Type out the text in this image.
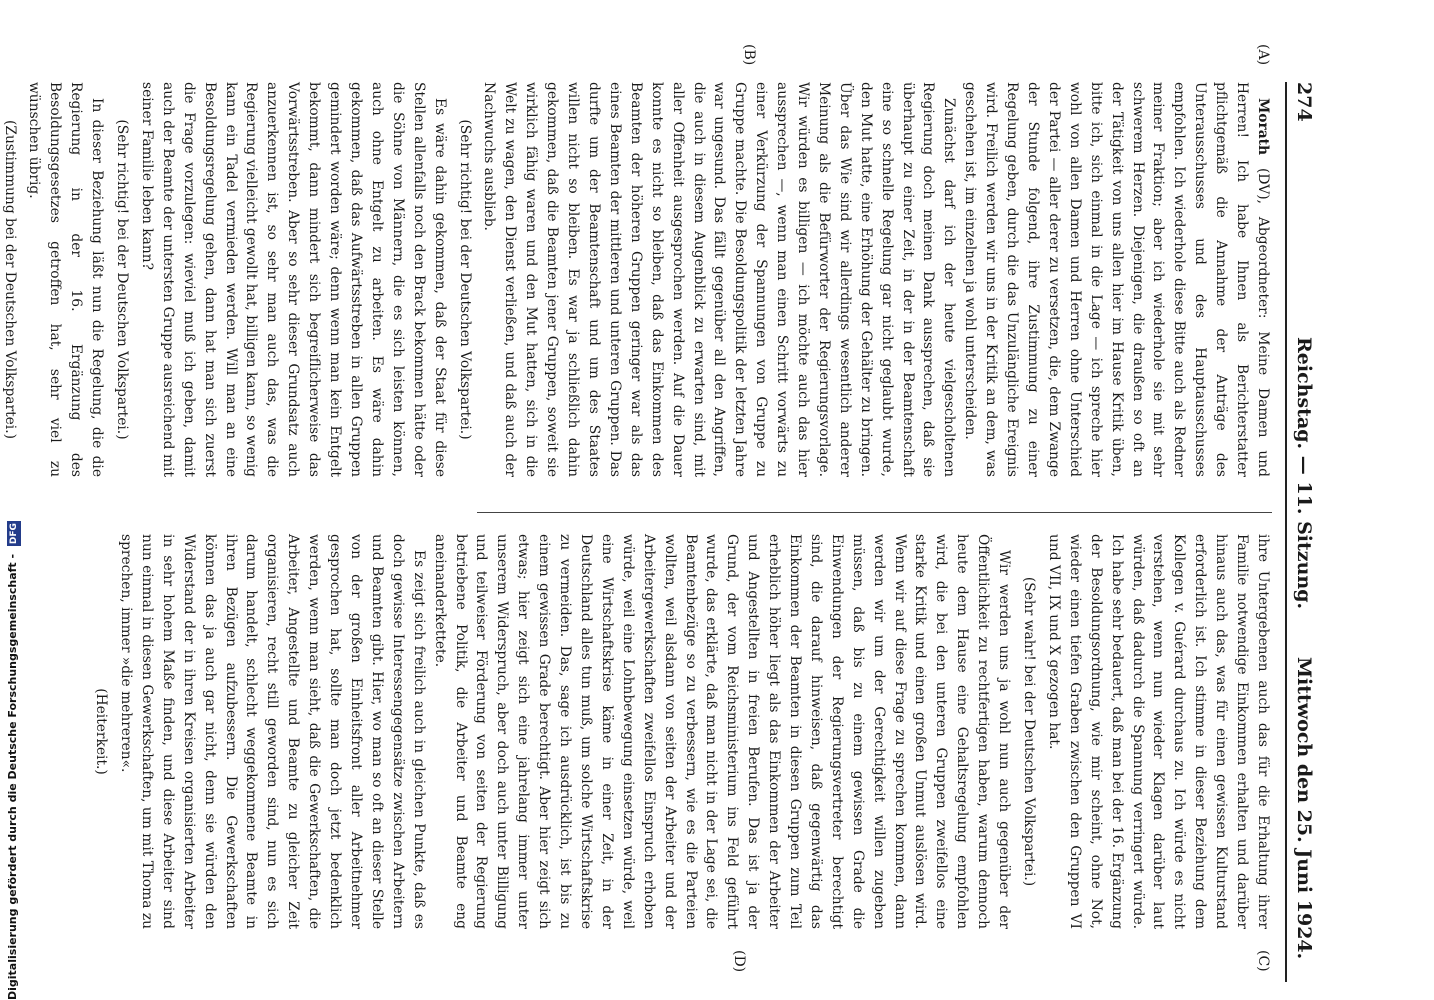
274
Reichstag. — 11. Sitzung.
Mittwoch den 25. Juni 1924.
(A)
(B)
(C)
(D)

Morath (DV), Abgeordneter: Meine Damen und Herren! Ich habe Ihnen als Berichterstatter pflichtgemäß die Annahme der Anträge des Unterausschusses und des Hauptausschusses empfohlen. Ich wiederhole diese Bitte auch als Redner meiner Fraktion; aber ich wiederhole sie mit sehr schwerem Herzen. Diejenigen, die draußen so oft an der Tätigkeit von uns allen hier im Hause Kritik üben, bitte ich, sich einmal in die Lage — ich spreche hier wohl von allen Damen und Herren ohne Unterschied der Partei — aller derer zu versetzen, die, dem Zwange der Stunde folgend, ihre Zustimmung zu einer Regelung geben, durch die das Unzulängliche Ereignis wird. Freilich werden wir uns in der Kritik an dem, was geschehen ist, im einzelnen ja wohl unterscheiden.

Zunächst darf ich der heute vielgescholtenen Regierung doch meinen Dank aussprechen, daß sie überhaupt zu einer Zeit, in der in der Beamtenschaft eine so schnelle Regelung gar nicht geglaubt wurde, den Mut hatte, eine Erhöhung der Gehälter zu bringen. Über das Wie sind wir allerdings wesentlich anderer Meinung als die Befürworter der Regierungsvorlage. Wir würden es billigen — ich möchte auch das hier aussprechen —, wenn man einen Schritt vorwärts zu einer Verkürzung der Spannungen von Gruppe zu Gruppe machte. Die Besoldungspolitik der letzten Jahre war ungesund. Das fällt gegenüber all den Angriffen, die auch in diesem Augenblick zu erwarten sind, mit aller Offenheit ausgesprochen werden. Auf die Dauer konnte es nicht so bleiben, daß das Einkommen des Beamten der höheren Gruppen geringer war als das eines Beamten der mittleren und unteren Gruppen. Das durfte um der Beamtenschaft und um des Staates willen nicht so bleiben. Es war ja schließlich dahin gekommen, daß die Beamten jener Gruppen, soweit sie wirklich fähig waren und den Mut hatten, sich in die Welt zu wagen, den Dienst verließen, und daß auch der Nachwuchs ausblieb.

(Sehr richtig! bei der Deutschen Volkspartei.)

Es wäre dahin gekommen, daß der Staat für diese Stellen allenfalls noch den Brack bekommen hätte oder die Söhne von Männern, die es sich leisten können, auch ohne Entgelt zu arbeiten. Es wäre dahin gekommen, daß das Aufwärtsstreben in allen Gruppen gemindert worden wäre; denn wenn man kein Entgelt bekommt, dann mindert sich begreiflicherweise das Vorwärtsstreben. Aber so sehr dieser Grundsatz auch anzuerkennen ist, so sehr man auch das, was die Regierung vielleicht gewollt hat, billigen kann, so wenig kann ein Tadel vermieden werden. Will man an eine Besoldungsregelung gehen, dann hat man sich zuerst die Frage vorzulegen: wieviel muß ich geben, damit auch der Beamte der untersten Gruppe ausreichend mit seiner Familie leben kann?

(Sehr richtig! bei der Deutschen Volkspartei.)

In dieser Beziehung läßt nun die Regelung, die die Regierung in der 16. Ergänzung des Besoldungsgesetzes getroffen hat, sehr viel zu wünschen übrig.

(Zustimmung bei der Deutschen Volkspartei.)

ihre Untergebenen auch das für die Erhaltung ihrer Familie notwendige Einkommen erhalten und darüber hinaus auch das, was für einen gewissen Kulturstand erforderlich ist. Ich stimme in dieser Beziehung dem Kollegen v. Guérard durchaus zu. Ich würde es nicht verstehen, wenn nun wieder Klagen darüber laut würden, daß dadurch die Spannung verringert würde. Ich habe sehr bedauert, daß man bei der 16. Ergänzung der Besoldungsordnung, wie mir scheint, ohne Not, wieder einen tiefen Graben zwischen den Gruppen VI und VII, IX und X gezogen hat.

(Sehr wahr! bei der Deutschen Volkspartei.)

Wir werden uns ja wohl nun auch gegenüber der Öffentlichkeit zu rechtfertigen haben, warum dennoch heute dem Hause eine Gehaltsregelung empfohlen wird, die bei den unteren Gruppen zweifellos eine starke Kritik und einen großen Unmut auslösen wird. Wenn wir auf diese Frage zu sprechen kommen, dann werden wir um der Gerechtigkeit willen zugeben müssen, daß bis zu einem gewissen Grade die Einwendungen der Regierungsvertreter berechtigt sind, die darauf hinweisen, daß gegenwärtig das Einkommen der Beamten in diesen Gruppen zum Teil erheblich höher liegt als das Einkommen der Arbeiter und Angestellten in freien Berufen. Das ist ja der Grund, der vom Reichsministerium ins Feld geführt wurde, das erklärte, daß man nicht in der Lage sei, die Beamtenbezüge so zu verbessern, wie es die Parteien wollten, weil alsdann von seiten der Arbeiter und der Arbeitergewerkschaften zweifellos Einspruch erhoben würde, weil eine Lohnbewegung einsetzen würde, weil eine Wirtschaftskrise käme in einer Zeit, in der Deutschland alles tun muß, um solche Wirtschaftskrise zu vermeiden. Das, sage ich ausdrücklich, ist bis zu einem gewissen Grade berechtigt. Aber hier zeigt sich etwas; hier zeigt sich eine jahrelang immer unter unserem Widerspruch, aber doch auch unter Billigung und teilweiser Förderung von seiten der Regierung betriebene Politik, die Arbeiter und Beamte eng aneinanderkettete.

Es zeigt sich freilich auch in gleichen Punkte, daß es doch gewisse Interessengegensätze zwischen Arbeitern und Beamten gibt. Hier, wo man so oft an dieser Stelle von der großen Einheitsfront aller Arbeitnehmer gesprochen hat, sollte man doch jetzt bedenklich werden, wenn man sieht, daß die Gewerkschaften, die Arbeiter, Angestellte und Beamte zu gleicher Zeit organisieren, recht still geworden sind, nun es sich darum handelt, schlecht weggekommene Beamte in ihren Bezügen aufzubessern. Die Gewerkschaften können das ja auch gar nicht, denn sie würden den Widerstand der in ihren Kreisen organisierten Arbeiter in sehr hohem Maße finden, und diese Arbeiter sind nun einmal in diesen Gewerkschaften, um mit Thoma zu sprechen, immer »die mehreren«.

(Heiterkeit.)

Digitalisierung gefördert durch die Deutsche Forschungsgemeinschaft - DFG
